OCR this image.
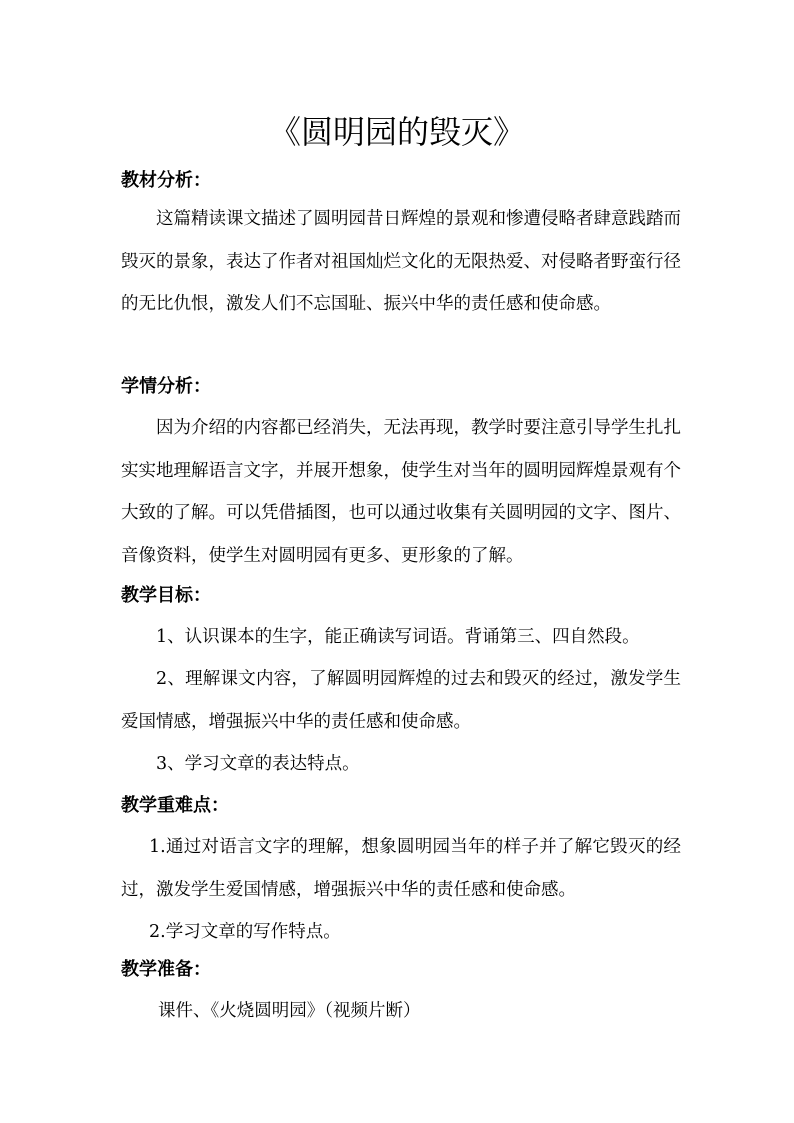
《圆明园的毁灭》
教材分析：

这篇精读课文描述了圆明园昔日辉煌的景观和惨遭侵略者肆意践踏而毁灭的景象，表达了作者对祖国灿烂文化的无限热爱、对侵略者野蛮行径的无比仇恨，激发人们不忘国耻、振兴中华的责任感和使命感。

学情分析：

因为介绍的内容都已经消失，无法再现，教学时要注意引导学生扎扎实实地理解语言文字，并展开想象，使学生对当年的圆明园辉煌景观有个大致的了解。可以凭借插图，也可以通过收集有关圆明园的文字、图片、音像资料，使学生对圆明园有更多、更形象的了解。

教学目标：

1、认识课本的生字，能正确读写词语。背诵第三、四自然段。

2、理解课文内容，了解圆明园辉煌的过去和毁灭的经过，激发学生爱国情感，增强振兴中华的责任感和使命感。

3、学习文章的表达特点。

教学重难点：

1.通过对语言文字的理解，想象圆明园当年的样子并了解它毁灭的经过，激发学生爱国情感，增强振兴中华的责任感和使命感。

2.学习文章的写作特点。

教学准备：
课件、《火烧圆明园》（视频片断）
